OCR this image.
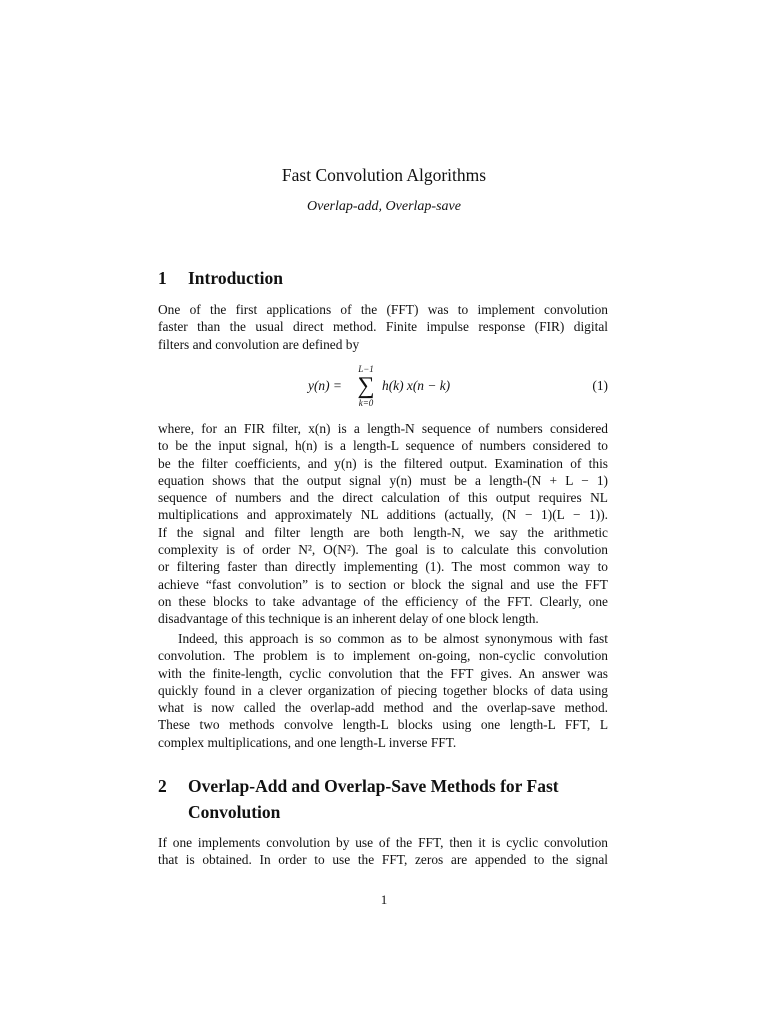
Fast Convolution Algorithms
Overlap-add, Overlap-save
1 Introduction
One of the first applications of the (FFT) was to implement convolution
faster than the usual direct method. Finite impulse response (FIR) digital
filters and convolution are defined by
y(n) =
L−1
∑
k=0
h(k) x(n − k)	(1)
where, for an FIR filter, x(n) is a length-N sequence of numbers considered
to be the input signal, h(n) is a length-L sequence of numbers considered to
be the filter coefficients, and y(n) is the filtered output. Examination of this
equation shows that the output signal y(n) must be a length-(N + L − 1)
sequence of numbers and the direct calculation of this output requires NL
multiplications and approximately NL additions (actually, (N − 1)(L − 1)).
If the signal and filter length are both length-N, we say the arithmetic
complexity is of order N², O(N²). The goal is to calculate this convolution
or filtering faster than directly implementing (1). The most common way to
achieve “fast convolution” is to section or block the signal and use the FFT
on these blocks to take advantage of the efficiency of the FFT. Clearly, one
disadvantage of this technique is an inherent delay of one block length.
Indeed, this approach is so common as to be almost synonymous with fast
convolution. The problem is to implement on-going, non-cyclic convolution
with the finite-length, cyclic convolution that the FFT gives. An answer was
quickly found in a clever organization of piecing together blocks of data using
what is now called the overlap-add method and the overlap-save method.
These two methods convolve length-L blocks using one length-L FFT, L
complex multiplications, and one length-L inverse FFT.
2 Overlap-Add and Overlap-Save Methods for Fast Convolution
If one implements convolution by use of the FFT, then it is cyclic convolution
that is obtained. In order to use the FFT, zeros are appended to the signal
1
